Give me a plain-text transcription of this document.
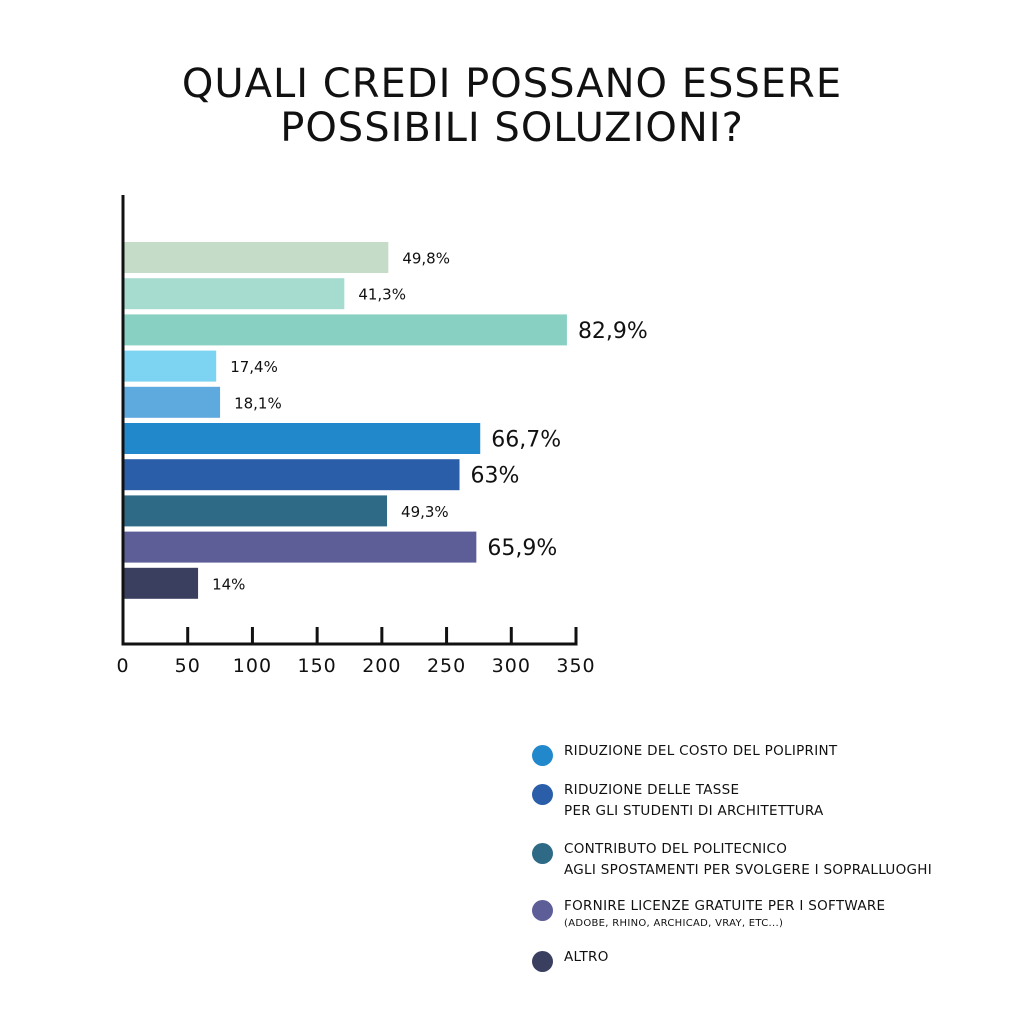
QUALI CREDI POSSANO ESSERE
POSSIBILI SOLUZIONI?
49,8%
41,3%
82,9%
17,4%
18,1%
66,7%
63%
49,3%
65,9%
14%
0 50 100 150 200 250 300 350
RIDUZIONE DEL COSTO DEL POLIPRINT
RIDUZIONE DELLE TASSE
PER GLI STUDENTI DI ARCHITETTURA
CONTRIBUTO DEL POLITECNICO
AGLI SPOSTAMENTI PER SVOLGERE I SOPRALLUOGHI
FORNIRE LICENZE GRATUITE PER I SOFTWARE
(ADOBE, RHINO, ARCHICAD, VRAY, ETC...)
ALTRO
